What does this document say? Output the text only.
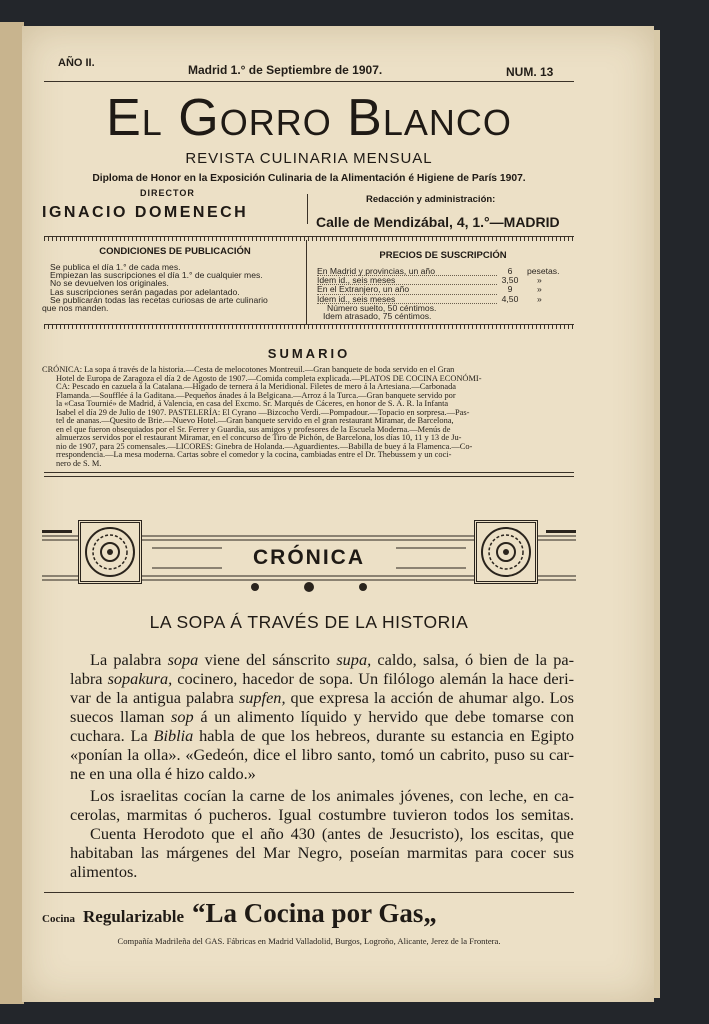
AÑO II.	Madrid 1.° de Septiembre de 1907.	NUM. 13
El Gorro Blanco
REVISTA CULINARIA MENSUAL
Diploma de Honor en la Exposición Culinaria de la Alimentación é Higiene de París 1907.
DIRECTOR
IGNACIO DOMENECH
Redacción y administración:
Calle de Mendizábal, 4, 1.°—MADRID
CONDICIONES DE PUBLICACIÓN
Se publica el día 1.° de cada mes.
Empiezan las suscripciones el día 1.° de cualquier mes.
No se devuelven los originales.
Las suscripciones serán pagadas por adelantado.
Se publicarán todas las recetas curiosas de arte culinario
que nos manden.
PRECIOS DE SUSCRIPCIÓN
En Madrid y provincias, un año	6	pesetas.
Idem id., seis meses	3,50	»
En el Extranjero, un año	9	»
Idem id., seis meses	4,50	»
Número suelto, 50 céntimos.
Idem atrasado, 75 céntimos.
SUMARIO
CRÓNICA: La sopa á través de la historia.—Cesta de melocotones Montreuil.—Gran banquete de boda servido en el Gran
Hotel de Europa de Zaragoza el día 2 de Agosto de 1907.—Comida completa explicada.—PLATOS DE COCINA ECONÓMI-
CA: Pescado en cazuela á la Catalana.—Hígado de ternera á la Meridional. Filetes de mero á la Artesiana.—Carbonada
Flamanda.—Soufflée á la Gaditana.—Pequeños ánades á la Belgicana.—Arroz á la Turca.—Gran banquete servido por
la «Casa Tournié» de Madrid, á Valencia, en casa del Excmo. Sr. Marqués de Cáceres, en honor de S. A. R. la Infanta
Isabel el día 29 de Julio de 1907. PASTELERÍA: El Cyrano —Bizcocho Verdi.—Pompadour.—Topacio en sorpresa.—Pas-
tel de ananas.—Quesito de Brie.—Nuevo Hotel.—Gran banquete servido en el gran restaurant Miramar, de Barcelona,
en el que fueron obsequiados por el Sr. Ferrer y Guardia, sus amigos y profesores de la Escuela Moderna.—Menús de
almuerzos servidos por el restaurant Miramar, en el concurso de Tiro de Pichón, de Barcelona, los días 10, 11 y 13 de Ju-
nio de 1907, para 25 comensales.—LICORES: Ginebra de Holanda.—Aguardientes.—Babilla de buey á la Flamenca.—Co-
rrespondencia.—La mesa moderna. Cartas sobre el comedor y la cocina, cambiadas entre el Dr. Thebussem y un coci-
nero de S. M.
CRÓNICA
LA SOPA Á TRAVÉS DE LA HISTORIA
La palabra sopa viene del sánscrito supa, caldo, salsa, ó bien de la pa-
labra sopakura, cocinero, hacedor de sopa. Un filólogo alemán la hace deri-
var de la antigua palabra supfen, que expresa la acción de ahumar algo. Los
suecos llaman sop á un alimento líquido y hervido que debe tomarse con
cuchara. La Biblia habla de que los hebreos, durante su estancia en Egipto
«ponían la olla». «Gedeón, dice el libro santo, tomó un cabrito, puso su car-
ne en una olla é hizo caldo.»
Los israelitas cocían la carne de los animales jóvenes, con leche, en ca-
cerolas, marmitas ó pucheros. Igual costumbre tuvieron todos los semitas.
Cuenta Herodoto que el año 430 (antes de Jesucristo), los escitas, que
habitaban las márgenes del Mar Negro, poseían marmitas para cocer sus
alimentos.
Cocina Regularizable “La Cocina por Gas„
Compañía Madrileña del GAS. Fábricas en Madrid Valladolid, Burgos, Logroño, Alicante, Jerez de la Frontera.
